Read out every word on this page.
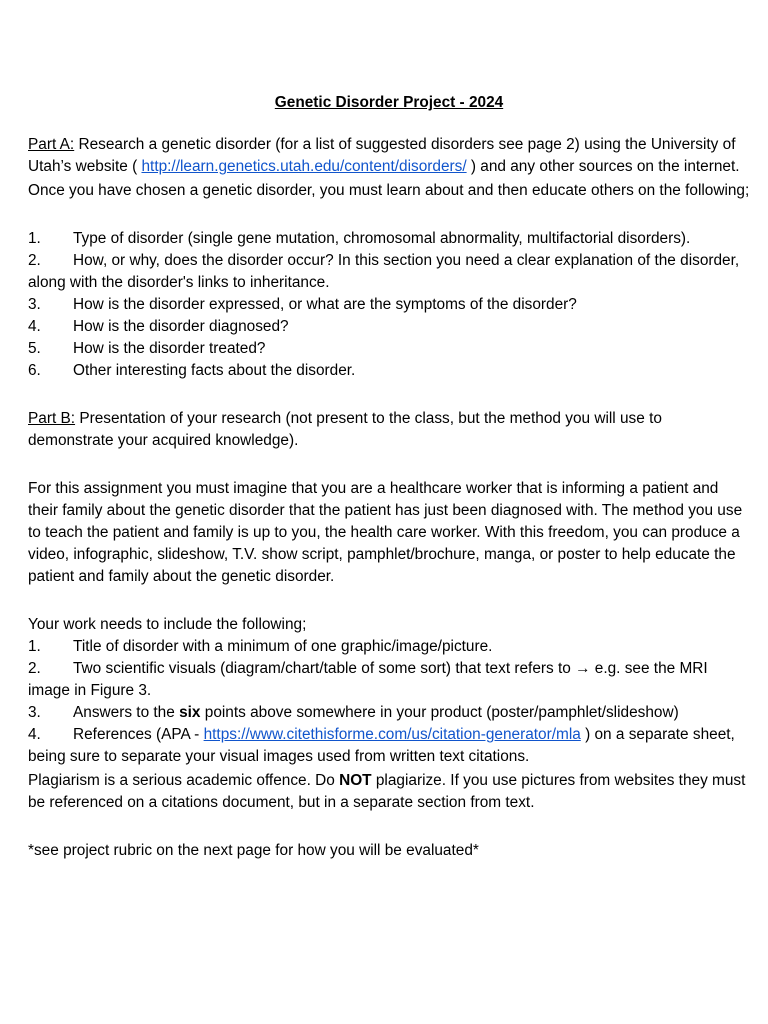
Genetic Disorder Project - 2024

Part A: Research a genetic disorder (for a list of suggested disorders see page 2) using the University of Utah’s website ( http://learn.genetics.utah.edu/content/disorders/ ) and any other sources on the internet.

Once you have chosen a genetic disorder, you must learn about and then educate others on the following;

1. Type of disorder (single gene mutation, chromosomal abnormality, multifactorial disorders).

2. How, or why, does the disorder occur? In this section you need a clear explanation of the disorder, along with the disorder's links to inheritance.

3. How is the disorder expressed, or what are the symptoms of the disorder?

4. How is the disorder diagnosed?

5. How is the disorder treated?

6. Other interesting facts about the disorder.

Part B: Presentation of your research (not present to the class, but the method you will use to demonstrate your acquired knowledge).

For this assignment you must imagine that you are a healthcare worker that is informing a patient and their family about the genetic disorder that the patient has just been diagnosed with. The method you use to teach the patient and family is up to you, the health care worker. With this freedom, you can produce a video, infographic, slideshow, T.V. show script, pamphlet/brochure, manga, or poster to help educate the patient and family about the genetic disorder.

Your work needs to include the following;

1. Title of disorder with a minimum of one graphic/image/picture.

2. Two scientific visuals (diagram/chart/table of some sort) that text refers to → e.g. see the MRI image in Figure 3.

3. Answers to the six points above somewhere in your product (poster/pamphlet/slideshow)

4. References (APA - https://www.citethisforme.com/us/citation-generator/mla ) on a separate sheet, being sure to separate your visual images used from written text citations.

Plagiarism is a serious academic offence. Do NOT plagiarize. If you use pictures from websites they must be referenced on a citations document, but in a separate section from text.

*see project rubric on the next page for how you will be evaluated*
